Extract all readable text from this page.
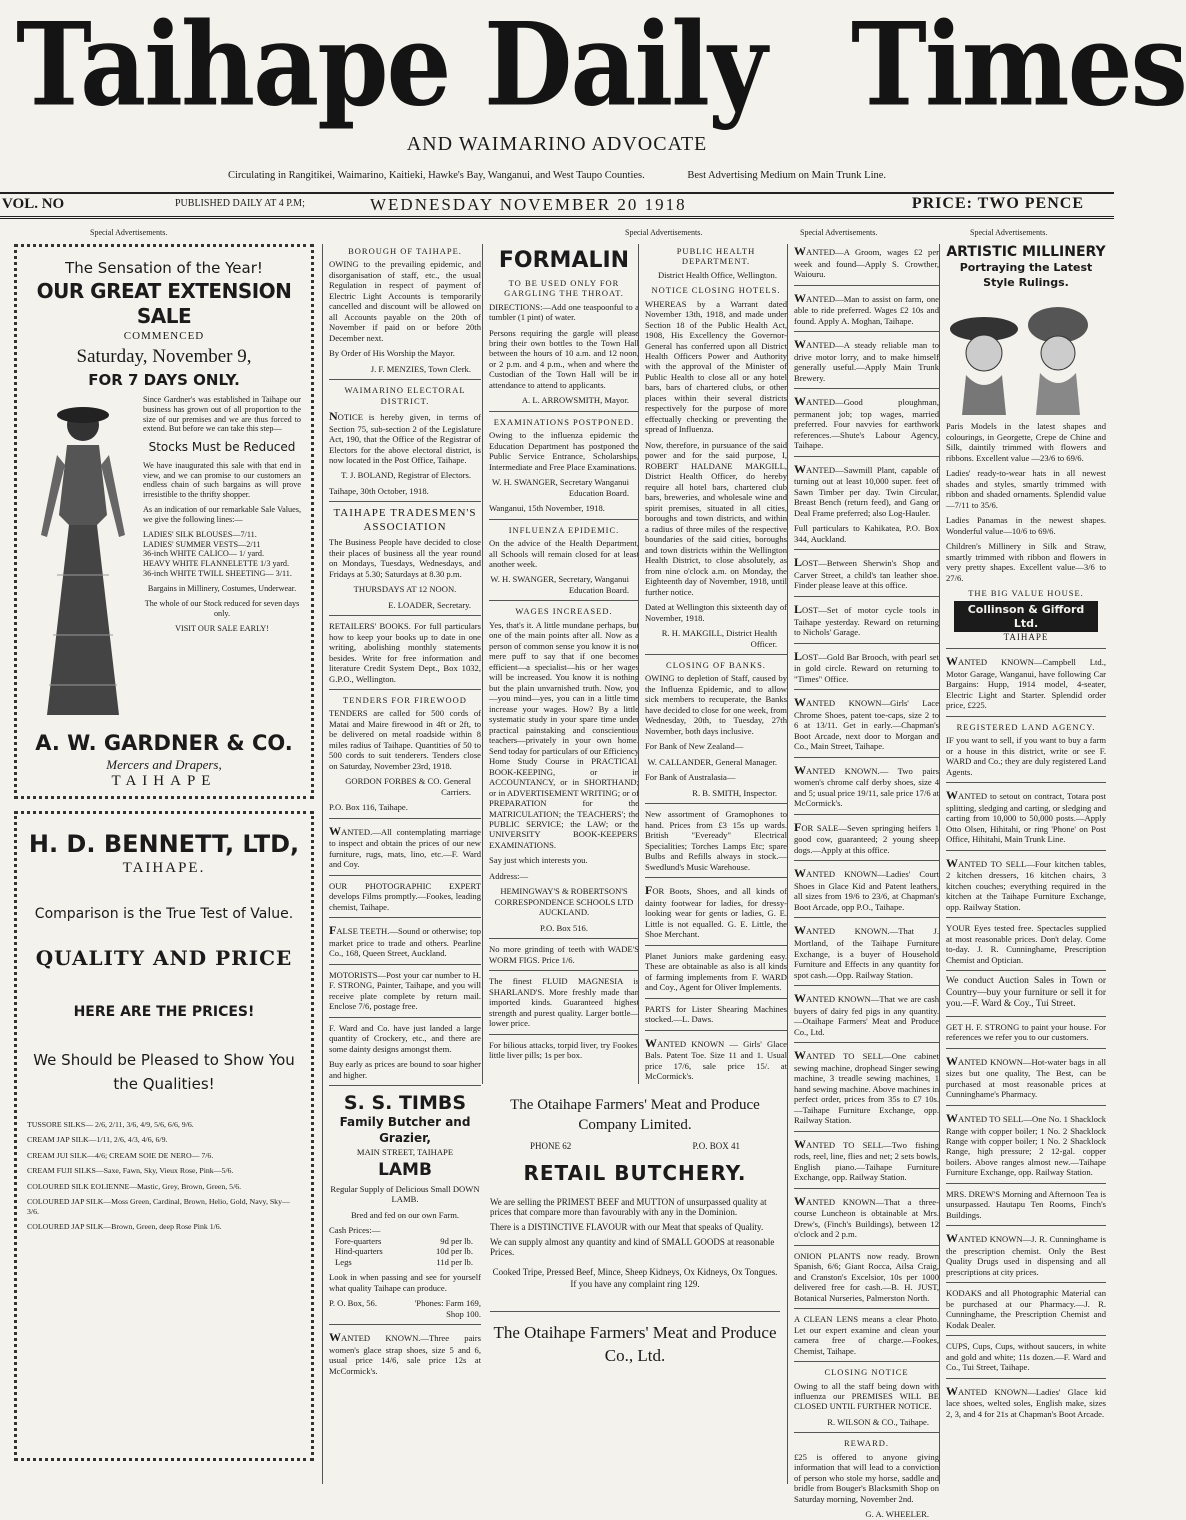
Taihape Daily Times
AND WAIMARINO ADVOCATE
Circulating in Rangitikei, Waimarino, Kaitieki, Hawke's Bay, Wanganui, and West Taupo Counties.	Best Advertising Medium on Main Trunk Line.
VOL. NO	PUBLISHED DAILY AT 4 P.M;	WEDNESDAY NOVEMBER 20 1918	PRICE: TWO PENCE
Special Advertisements.	Special Advertisements.	Special Advertisements.	Special Advertisements.
The Sensation of the Year!
OUR GREAT EXTENSION SALE
COMMENCED
Saturday, November 9,
FOR 7 DAYS ONLY.

Since Gardner's was established in Taihape our business has grown out of all proportion to the size of our premises and we are thus forced to extend. But before we can take this step—

Stocks Must be Reduced

We have inaugurated this sale with that end in view, and we can promise to our customers an endless chain of such bargains as will prove irresistible to the thrifty shopper.

As an indication of our remarkable Sale Values, we give the following lines:—

LADIES' SILK BLOUSES—7/11.
LADIES' SUMMER VESTS—2/11
36-inch WHITE CALICO— 1/ yard.
HEAVY WHITE FLANNELETTE 1/3 yard.
36-inch WHITE TWILL SHEETING— 3/11.

Bargains in Millinery, Costumes, Underwear.

The whole of our Stock reduced for seven days only.

VISIT OUR SALE EARLY!

A. W. GARDNER & CO.
Mercers and Drapers,
TAIHAPE
H. D. BENNETT, LTD,
TAIHAPE.
Comparison is the True Test of Value.
QUALITY AND PRICE
HERE ARE THE PRICES!
We Should be Pleased to Show You the Qualities!
TUSSORE SILKS— 2/6, 2/11, 3/6, 4/9, 5/6, 6/6, 9/6.
CREAM JAP SILK—1/11, 2/6, 4/3, 4/6, 6/9.
CREAM JUI SILK—4/6; CREAM SOIE DE NERO— 7/6.
CREAM FUJI SILKS—Saxe, Fawn, Sky, Vieux Rose, Pink—5/6.
COLOURED SILK EOLIENNE—Mastic, Grey, Brown, Green, 5/6.
COLOURED JAP SILK—Moss Green, Cardinal, Brown, Helio, Gold, Navy, Sky—3/6.
COLOURED JAP SILK—Brown, Green, deep Rose Pink 1/6.
BOROUGH OF TAIHAPE.

OWING to the prevailing epidemic, and disorganisation of staff, etc., the usual Regulation in respect of payment of Electric Light Accounts is temporarily cancelled and discount will be allowed on all Accounts payable on the 20th of November if paid on or before 20th December next.

By Order of His Worship the Mayor.

J. F. MENZIES, Town Clerk.

WAIMARINO ELECTORAL DISTRICT.

NOTICE is hereby given, in terms of Section 75, sub-section 2 of the Legislature Act, 190, that the Office of the Registrar of Electors for the above electoral district, is now located in the Post Office, Taihape.

T. J. BOLAND, Registrar of Electors.

Taihape, 30th October, 1918.

TAIHAPE TRADESMEN'S ASSOCIATION

The Business People have decided to close their places of business all the year round on Mondays, Tuesdays, Wednesdays, and Fridays at 5.30; Saturdays at 8.30 p.m.

THURSDAYS AT 12 NOON.

E. LOADER, Secretary.

RETAILERS' BOOKS. For full particulars how to keep your books up to date in one writing, abolishing monthly statements besides. Write for free information and literature Credit System Dept., Box 1032, G.P.O., Wellington.

TENDERS FOR FIREWOOD

TENDERS are called for 500 cords of Matai and Maire firewood in 4ft or 2ft, to be delivered on metal roadside within 8 miles radius of Taihape. Quantities of 50 to 500 cords to suit tenderers. Tenders close on Saturday, November 23rd, 1918.

GORDON FORBES & CO. General Carriers.

P.O. Box 116, Taihape.

WANTED.—All contemplating marriage to inspect and obtain the prices of our new furniture, rugs, mats, lino, etc.—F. Ward and Coy.

OUR PHOTOGRAPHIC EXPERT develops Films promptly.—Fookes, leading chemist, Taihape.

FALSE TEETH.—Sound or otherwise; top market price to trade and others. Pearline Co., 168, Queen Street, Auckland.

MOTORISTS—Post your car number to H. F. STRONG, Painter, Taihape, and you will receive plate complete by return mail. Enclose 7/6, postage free.

F. Ward and Co. have just landed a large quantity of Crockery, etc., and there are some dainty designs amongst them.

Buy early as prices are bound to soar higher and higher.

S. S. TIMBS
Family Butcher and
Grazier,
MAIN STREET, TAIHAPE
LAMB

Regular Supply of Delicious Small DOWN LAMB.

Bred and fed on our own Farm.

Cash Prices:—
Fore-quarters	9d per lb.
Hind-quarters	10d per lb.
Legs	11d per lb.

Look in when passing and see for yourself what quality Taihape can produce.

P. O. Box, 56.	'Phones: Farm 169, Shop 100.

WANTED KNOWN.—Three pairs women's glace strap shoes, size 5 and 6, usual price 14/6, sale price 12s at McCormick's.

FORMALIN
TO BE USED ONLY FOR GARGLING THE THROAT.

DIRECTIONS:—Add one teaspoonful to a tumbler (1 pint) of water.

Persons requiring the gargle will please bring their own bottles to the Town Hall between the hours of 10 a.m. and 12 noon, or 2 p.m. and 4 p.m., when and where the Custodian of the Town Hall will be in attendance to attend to applicants.

A. L. ARROWSMITH, Mayor.

EXAMINATIONS POSTPONED.

Owing to the influenza epidemic the Education Department has postponed the Public Service Entrance, Scholarships, Intermediate and Free Place Examinations.

W. H. SWANGER, Secretary Wanganui Education Board.

Wanganui, 15th November, 1918.

INFLUENZA EPIDEMIC.

On the advice of the Health Department, all Schools will remain closed for at least another week.

W. H. SWANGER, Secretary, Wanganui Education Board.

WAGES INCREASED.

Yes, that's it. A little mundane perhaps, but one of the main points after all. Now as a person of common sense you know it is not mere puff to say that if one becomes efficient—a specialist—his or her wages will be increased. You know it is nothing but the plain unvarnished truth. Now, you—you mind—yes, you can in a little time increase your wages. How? By a little systematic study in your spare time under practical painstaking and conscientious teachers—privately in your own home. Send today for particulars of our Efficiency Home Study Course in PRACTICAL BOOK-KEEPING, or in ACCOUNTANCY, or in SHORTHAND; or in ADVERTISEMENT WRITING; or of PREPARATION for the MATRICULATION; the TEACHERS'; the PUBLIC SERVICE; the LAW; or the UNIVERSITY BOOK-KEEPERS' EXAMINATIONS.

Say just which interests you.

Address:—

HEMINGWAY'S & ROBERTSON'S CORRESPONDENCE SCHOOLS LTD AUCKLAND.

P.O. Box 516.

No more grinding of teeth with WADE'S WORM FIGS. Price 1/6.

The finest FLUID MAGNESIA is SHARLAND'S. More freshly made than imported kinds. Guaranteed highest strength and purest quality. Larger bottle—lower price.

For bilious attacks, torpid liver, try Fookes' little liver pills; 1s per box.

PUBLIC HEALTH DEPARTMENT.

District Health Office, Wellington.

NOTICE CLOSING HOTELS.

WHEREAS by a Warrant dated November 13th, 1918, and made under Section 18 of the Public Health Act, 1908, His Excellency the Governor-General has conferred upon all District Health Officers Power and Authority with the approval of the Minister of Public Health to close all or any hotel bars, bars of chartered clubs, or other places within their several districts respectively for the purpose of more effectually checking or preventing the spread of Influenza.

Now, therefore, in pursuance of the said power and for the said purpose, I, ROBERT HALDANE MAKGILL, District Health Officer, do hereby require all hotel bars, chartered club bars, breweries, and wholesale wine and spirit premises, situated in all cities, boroughs and town districts, and within a radius of three miles of the respective boundaries of the said cities, boroughs and town districts within the Wellington Health District, to close absolutely, as from nine o'clock a.m. on Monday, the Eighteenth day of November, 1918, until further notice.

Dated at Wellington this sixteenth day of November, 1918.

R. H. MAKGILL, District Health Officer.

CLOSING OF BANKS.

OWING to depletion of Staff, caused by the Influenza Epidemic, and to allow sick members to recuperate, the Banks have decided to close for one week, from Wednesday, 20th, to Tuesday, 27th November, both days inclusive.

For Bank of New Zealand—

W. CALLANDER, General Manager.

For Bank of Australasia—

R. B. SMITH, Inspector.

New assortment of Gramophones to hand. Prices from £3 15s up wards. British "Eveready" Electrical Specialities; Torches Lamps Etc; spare Bulbs and Refills always in stock.—Swedlund's Music Warehouse.

FOR Boots, Shoes, and all kinds of dainty footwear for ladies, for dressy-looking wear for gents or ladies, G. E. Little is not equalled. G. E. Little, the Shoe Merchant.

Planet Juniors make gardening easy. These are obtainable as also is all kinds of farming implements from F. WARD and Coy., Agent for Oliver Implements.

PARTS for Lister Shearing Machines stocked.—L. Daws.

WANTED KNOWN — Girls' Glace Bals. Patent Toe. Size 11 and 1. Usual price 17/6, sale price 15/. at McCormick's.

The Otaihape Farmers' Meat and Produce Company Limited.
PHONE 62	P.O. BOX 41
RETAIL BUTCHERY.

We are selling the PRIMEST BEEF and MUTTON of unsurpassed quality at prices that compare more than favourably with any in the Dominion.

There is a DISTINCTIVE FLAVOUR with our Meat that speaks of Quality.

We can supply almost any quantity and kind of SMALL GOODS at reasonable Prices.

Cooked Tripe, Pressed Beef, Mince, Sheep Kidneys, Ox Kidneys, Ox Tongues.
If you have any complaint ring 129.
The Otaihape Farmers' Meat and Produce Co., Ltd.

WANTED—A Groom, wages £2 per week and found—Apply S. Crowther, Waiouru.

WANTED—Man to assist on farm, one able to ride preferred. Wages £2 10s and found. Apply A. Moghan, Taihape.

WANTED—A steady reliable man to drive motor lorry, and to make himself generally useful.—Apply Main Trunk Brewery.

WANTED—Good ploughman, permanent job; top wages, married preferred. Four navvies for earthwork references.—Shute's Labour Agency, Taihape.

WANTED—Sawmill Plant, capable of turning out at least 10,000 super. feet of Sawn Timber per day. Twin Circular, Breast Bench (return feed), and Gang or Deal Frame preferred; also Log-Hauler.

Full particulars to Kahikatea, P.O. Box 344, Auckland.

LOST—Between Sherwin's Shop and Carver Street, a child's tan leather shoe. Finder please leave at this office.

LOST—Set of motor cycle tools in Taihape yesterday. Reward on returning to Nichols' Garage.

LOST—Gold Bar Brooch, with pearl set in gold circle. Reward on returning to "Times" Office.

WANTED KNOWN—Girls' Lace Chrome Shoes, patent toe-caps, size 2 to 6 at 13/11. Get in early.—Chapman's Boot Arcade, next door to Morgan and Co., Main Street, Taihape.

WANTED KNOWN.— Two pairs women's chrome calf derby shoes, size 4 and 5; usual price 19/11, sale price 17/6 at McCormick's.

FOR SALE—Seven springing heifers 1 good cow, guaranteed; 2 young sheep dogs.—Apply at this office.

WANTED KNOWN—Ladies' Court Shoes in Glace Kid and Patent leathers, all sizes from 19/6 to 23/6, at Chapman's Boot Arcade, opp P.O., Taihape.

WANTED KNOWN.—That J. Mortland, of the Taihape Furniture Exchange, is a buyer of Household Furniture and Effects in any quantity for spot cash.—Opp. Railway Station.

WANTED KNOWN—That we are cash buyers of dairy fed pigs in any quantity.—Otaihape Farmers' Meat and Produce Co., Ltd.

WANTED TO SELL—One cabinet sewing machine, drophead Singer sewing machine, 3 treadle sewing machines, 1 hand sewing machine. Above machines in perfect order, prices from 35s to £7 10s.—Taihape Furniture Exchange, opp. Railway Station.

WANTED TO SELL—Two fishing rods, reel, line, flies and net; 2 sets bowls, English piano.—Taihape Furniture Exchange, opp. Railway Station.

WANTED KNOWN—That a three-course Luncheon is obtainable at Mrs. Drew's, (Finch's Buildings), between 12 o'clock and 2 p.m.

ONION PLANTS now ready. Brown Spanish, 6/6; Giant Rocca, Ailsa Craig, and Cranston's Excelsior, 10s per 1000 delivered free for cash.—B. H. JUST, Botanical Nurseries, Palmerston North.

A CLEAN LENS means a clear Photo. Let our expert examine and clean your camera free of charge.—Fookes, Chemist, Taihape.

CLOSING NOTICE

Owing to all the staff being down with influenza our PREMISES WILL BE CLOSED UNTIL FURTHER NOTICE.

R. WILSON & CO., Taihape.

REWARD.

£25 is offered to anyone giving information that will lead to a conviction of person who stole my horse, saddle and bridle from Bouger's Blacksmith Shop on Saturday morning, November 2nd.

G. A. WHEELER.

ARTISTIC MILLINERY
Portraying the Latest
Style Rulings.

Paris Models in the latest shapes and colourings, in Georgette, Crepe de Chine and Silk, daintily trimmed with flowers and ribbons. Excellent value —23/6 to 69/6.

Ladies' ready-to-wear hats in all newest shades and styles, smartly trimmed with ribbon and shaded ornaments. Splendid value—7/11 to 35/6.

Ladies Panamas in the newest shapes. Wonderful value—10/6 to 69/6.

Children's Millinery in Silk and Straw, smartly trimmed with ribbon and flowers in very pretty shapes. Excellent value—3/6 to 27/6.

THE BIG VALUE HOUSE.
Collinson & Gifford Ltd.
TAIHAPE

WANTED KNOWN—Campbell Ltd., Motor Garage, Wanganui, have following Car Bargains: Hupp, 1914 model, 4-seater, Electric Light and Starter. Splendid order price, £225.

REGISTERED LAND AGENCY.

IF you want to sell, if you want to buy a farm or a house in this district, write or see F. WARD and Co.; they are duly registered Land Agents.

WANTED to setout on contract, Totara post splitting, sledging and carting, or sledging and carting from 10,000 to 50,000 posts.—Apply Otto Olsen, Hihitahi, or ring 'Phone' on Post Office, Hihitahi, Main Trunk Line.

WANTED TO SELL—Four kitchen tables, 2 kitchen dressers, 16 kitchen chairs, 3 kitchen couches; everything required in the kitchen at the Taihape Furniture Exchange, opp. Railway Station.

YOUR Eyes tested free. Spectacles supplied at most reasonable prices. Don't delay. Come to-day. J. R. Cunninghame, Prescription Chemist and Optician.

We conduct Auction Sales in Town or Country—buy your furniture or sell it for you.—F. Ward & Coy., Tui Street.

GET H. F. STRONG to paint your house. For references we refer you to our customers.

WANTED KNOWN—Hot-water bags in all sizes but one quality, The Best, can be purchased at most reasonable prices at Cunninghame's Pharmacy.

WANTED TO SELL—One No. 1 Shacklock Range with copper boiler; 1 No. 2 Shacklock Range with copper boiler; 1 No. 2 Shacklock Range, high pressure; 2 12-gal. copper boilers. Above ranges almost new.—Taihape Furniture Exchange, opp. Railway Station.

MRS. DREW'S Morning and Afternoon Tea is unsurpassed. Hautapu Ten Rooms, Finch's Buildings.

WANTED KNOWN—J. R. Cunninghame is the prescription chemist. Only the Best Quality Drugs used in dispensing and all prescriptions at city prices.

KODAKS and all Photographic Material can be purchased at our Pharmacy.—J. R. Cunninghame, the Prescription Chemist and Kodak Dealer.

CUPS, Cups, Cups, without saucers, in white and gold and white; 11s dozen.—F. Ward and Co., Tui Street, Taihape.

WANTED KNOWN—Ladies' Glace kid lace shoes, welted soles, English make, sizes 2, 3, and 4 for 21s at Chapman's Boot Arcade.
